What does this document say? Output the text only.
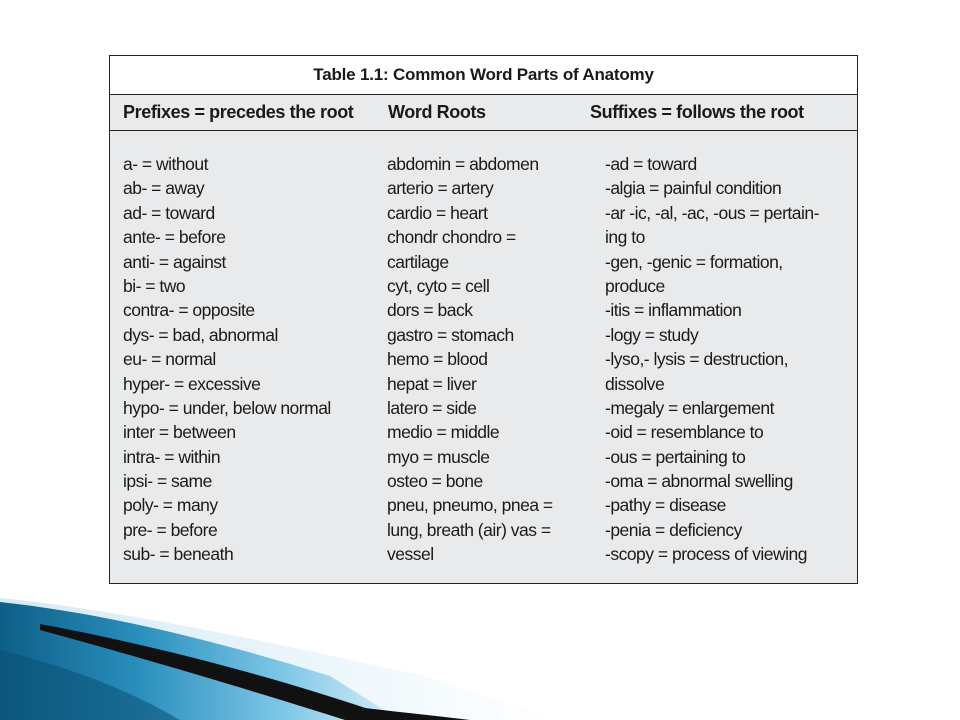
Table 1.1: Common Word Parts of Anatomy
Prefixes = precedes the root Word Roots	Suffixes = follows the root
a- = without
ab- = away
ad- = toward
ante- = before
anti- = against
bi- = two
contra- = opposite
dys- = bad, abnormal
eu- = normal
hyper- = excessive
hypo- = under, below normal
inter = between
intra- = within
ipsi- = same
poly- = many
pre- = before
sub- = beneath
abdomin = abdomen
arterio = artery
cardio = heart
chondr chondro =
cartilage
cyt, cyto = cell
dors = back
gastro = stomach
hemo = blood
hepat = liver
latero = side
medio = middle
myo = muscle
osteo = bone
pneu, pneumo, pnea =
lung, breath (air) vas =
vessel
-ad = toward
-algia = painful condition
-ar -ic, -al, -ac, -ous = pertain-
ing to
-gen, -genic = formation,
produce
-itis = inflammation
-logy = study
-lyso,- lysis = destruction,
dissolve
-megaly = enlargement
-oid = resemblance to
-ous = pertaining to
-oma = abnormal swelling
-pathy = disease
-penia = deficiency
-scopy = process of viewing
